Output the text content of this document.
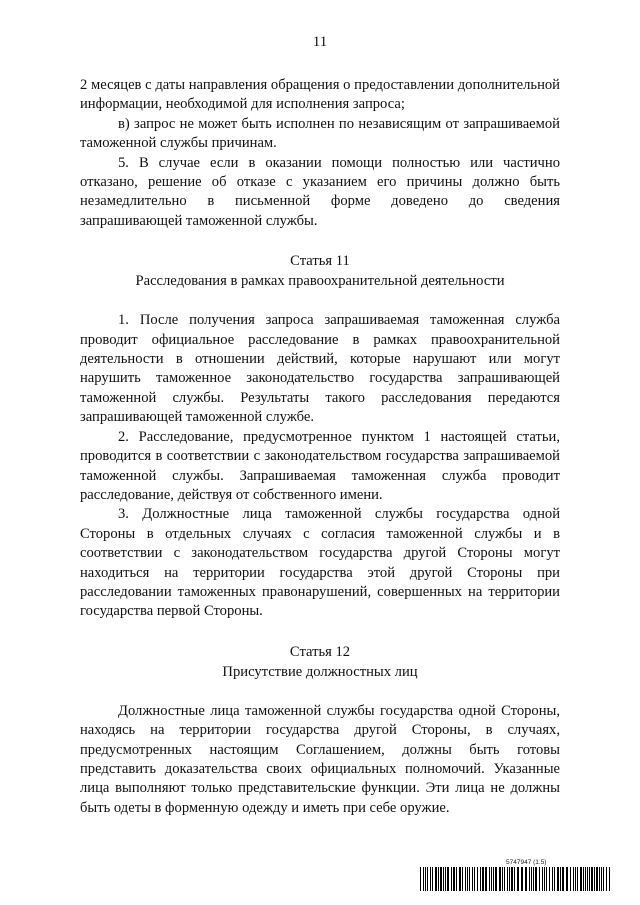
11

2 месяцев с даты направления обращения о предоставлении дополнительной информации, необходимой для исполнения запроса;

в) запрос не может быть исполнен по независящим от запрашиваемой таможенной службы причинам.

5. В случае если в оказании помощи полностью или частично отказано, решение об отказе с указанием его причины должно быть незамедлительно в письменной форме доведено до сведения запрашивающей таможенной службы.

Статья 11
Расследования в рамках правоохранительной деятельности

1. После получения запроса запрашиваемая таможенная служба проводит официальное расследование в рамках правоохранительной деятельности в отношении действий, которые нарушают или могут нарушить таможенное законодательство государства запрашивающей таможенной службы. Результаты такого расследования передаются запрашивающей таможенной службе.

2. Расследование, предусмотренное пунктом 1 настоящей статьи, проводится в соответствии с законодательством государства запрашиваемой таможенной службы. Запрашиваемая таможенная служба проводит расследование, действуя от собственного имени.

3. Должностные лица таможенной службы государства одной Стороны в отдельных случаях с согласия таможенной службы и в соответствии с законодательством государства другой Стороны могут находиться на территории государства этой другой Стороны при расследовании таможенных правонарушений, совершенных на территории государства первой Стороны.

Статья 12
Присутствие должностных лиц

Должностные лица таможенной службы государства одной Стороны, находясь на территории государства другой Стороны, в случаях, предусмотренных настоящим Соглашением, должны быть готовы представить доказательства своих официальных полномочий. Указанные лица выполняют только представительские функции. Эти лица не должны быть одеты в форменную одежду и иметь при себе оружие.

5747947 (1.5)
